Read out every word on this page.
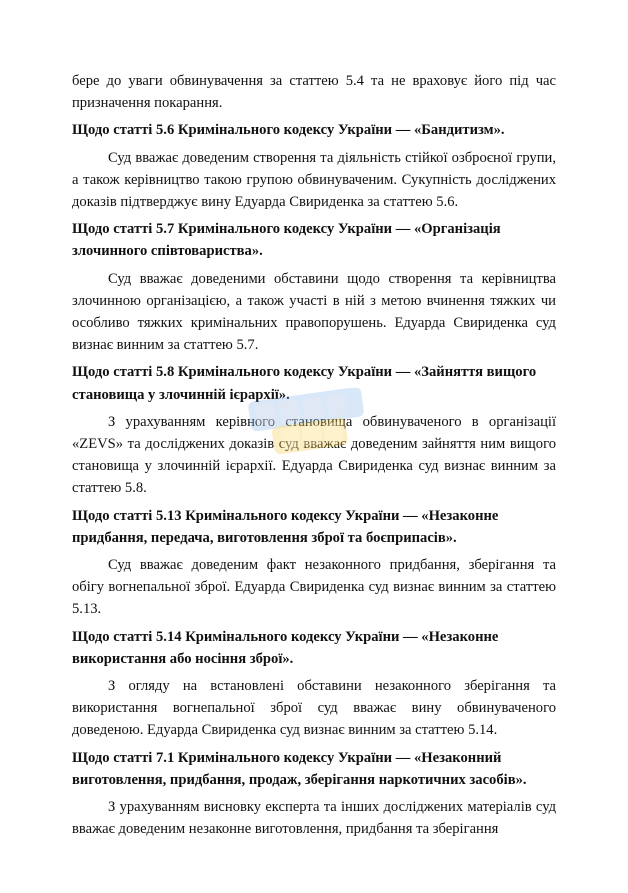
бере до уваги обвинувачення за статтею 5.4 та не враховує його під час призначення покарання.

Щодо статті 5.6 Кримінального кодексу України — «Бандитизм».

Суд вважає доведеним створення та діяльність стійкої озброєної групи, а також керівництво такою групою обвинуваченим. Сукупність досліджених доказів підтверджує вину Едуарда Свириденка за статтею 5.6.

Щодо статті 5.7 Кримінального кодексу України — «Організація злочинного співтовариства».

Суд вважає доведеними обставини щодо створення та керівництва злочинною організацією, а також участі в ній з метою вчинення тяжких чи особливо тяжких кримінальних правопорушень. Едуарда Свириденка суд визнає винним за статтею 5.7.

Щодо статті 5.8 Кримінального кодексу України — «Зайняття вищого становища у злочинній ієрархії».

З урахуванням керівного становища обвинуваченого в організації «ZEVS» та досліджених доказів суд вважає доведеним зайняття ним вищого становища у злочинній ієрархії. Едуарда Свириденка суд визнає винним за статтею 5.8.

Щодо статті 5.13 Кримінального кодексу України — «Незаконне придбання, передача, виготовлення зброї та боєприпасів».

Суд вважає доведеним факт незаконного придбання, зберігання та обігу вогнепальної зброї. Едуарда Свириденка суд визнає винним за статтею 5.13.

Щодо статті 5.14 Кримінального кодексу України — «Незаконне використання або носіння зброї».

З огляду на встановлені обставини незаконного зберігання та використання вогнепальної зброї суд вважає вину обвинуваченого доведеною. Едуарда Свириденка суд визнає винним за статтею 5.14.

Щодо статті 7.1 Кримінального кодексу України — «Незаконний виготовлення, придбання, продаж, зберігання наркотичних засобів».

З урахуванням висновку експерта та інших досліджених матеріалів суд вважає доведеним незаконне виготовлення, придбання та зберігання
